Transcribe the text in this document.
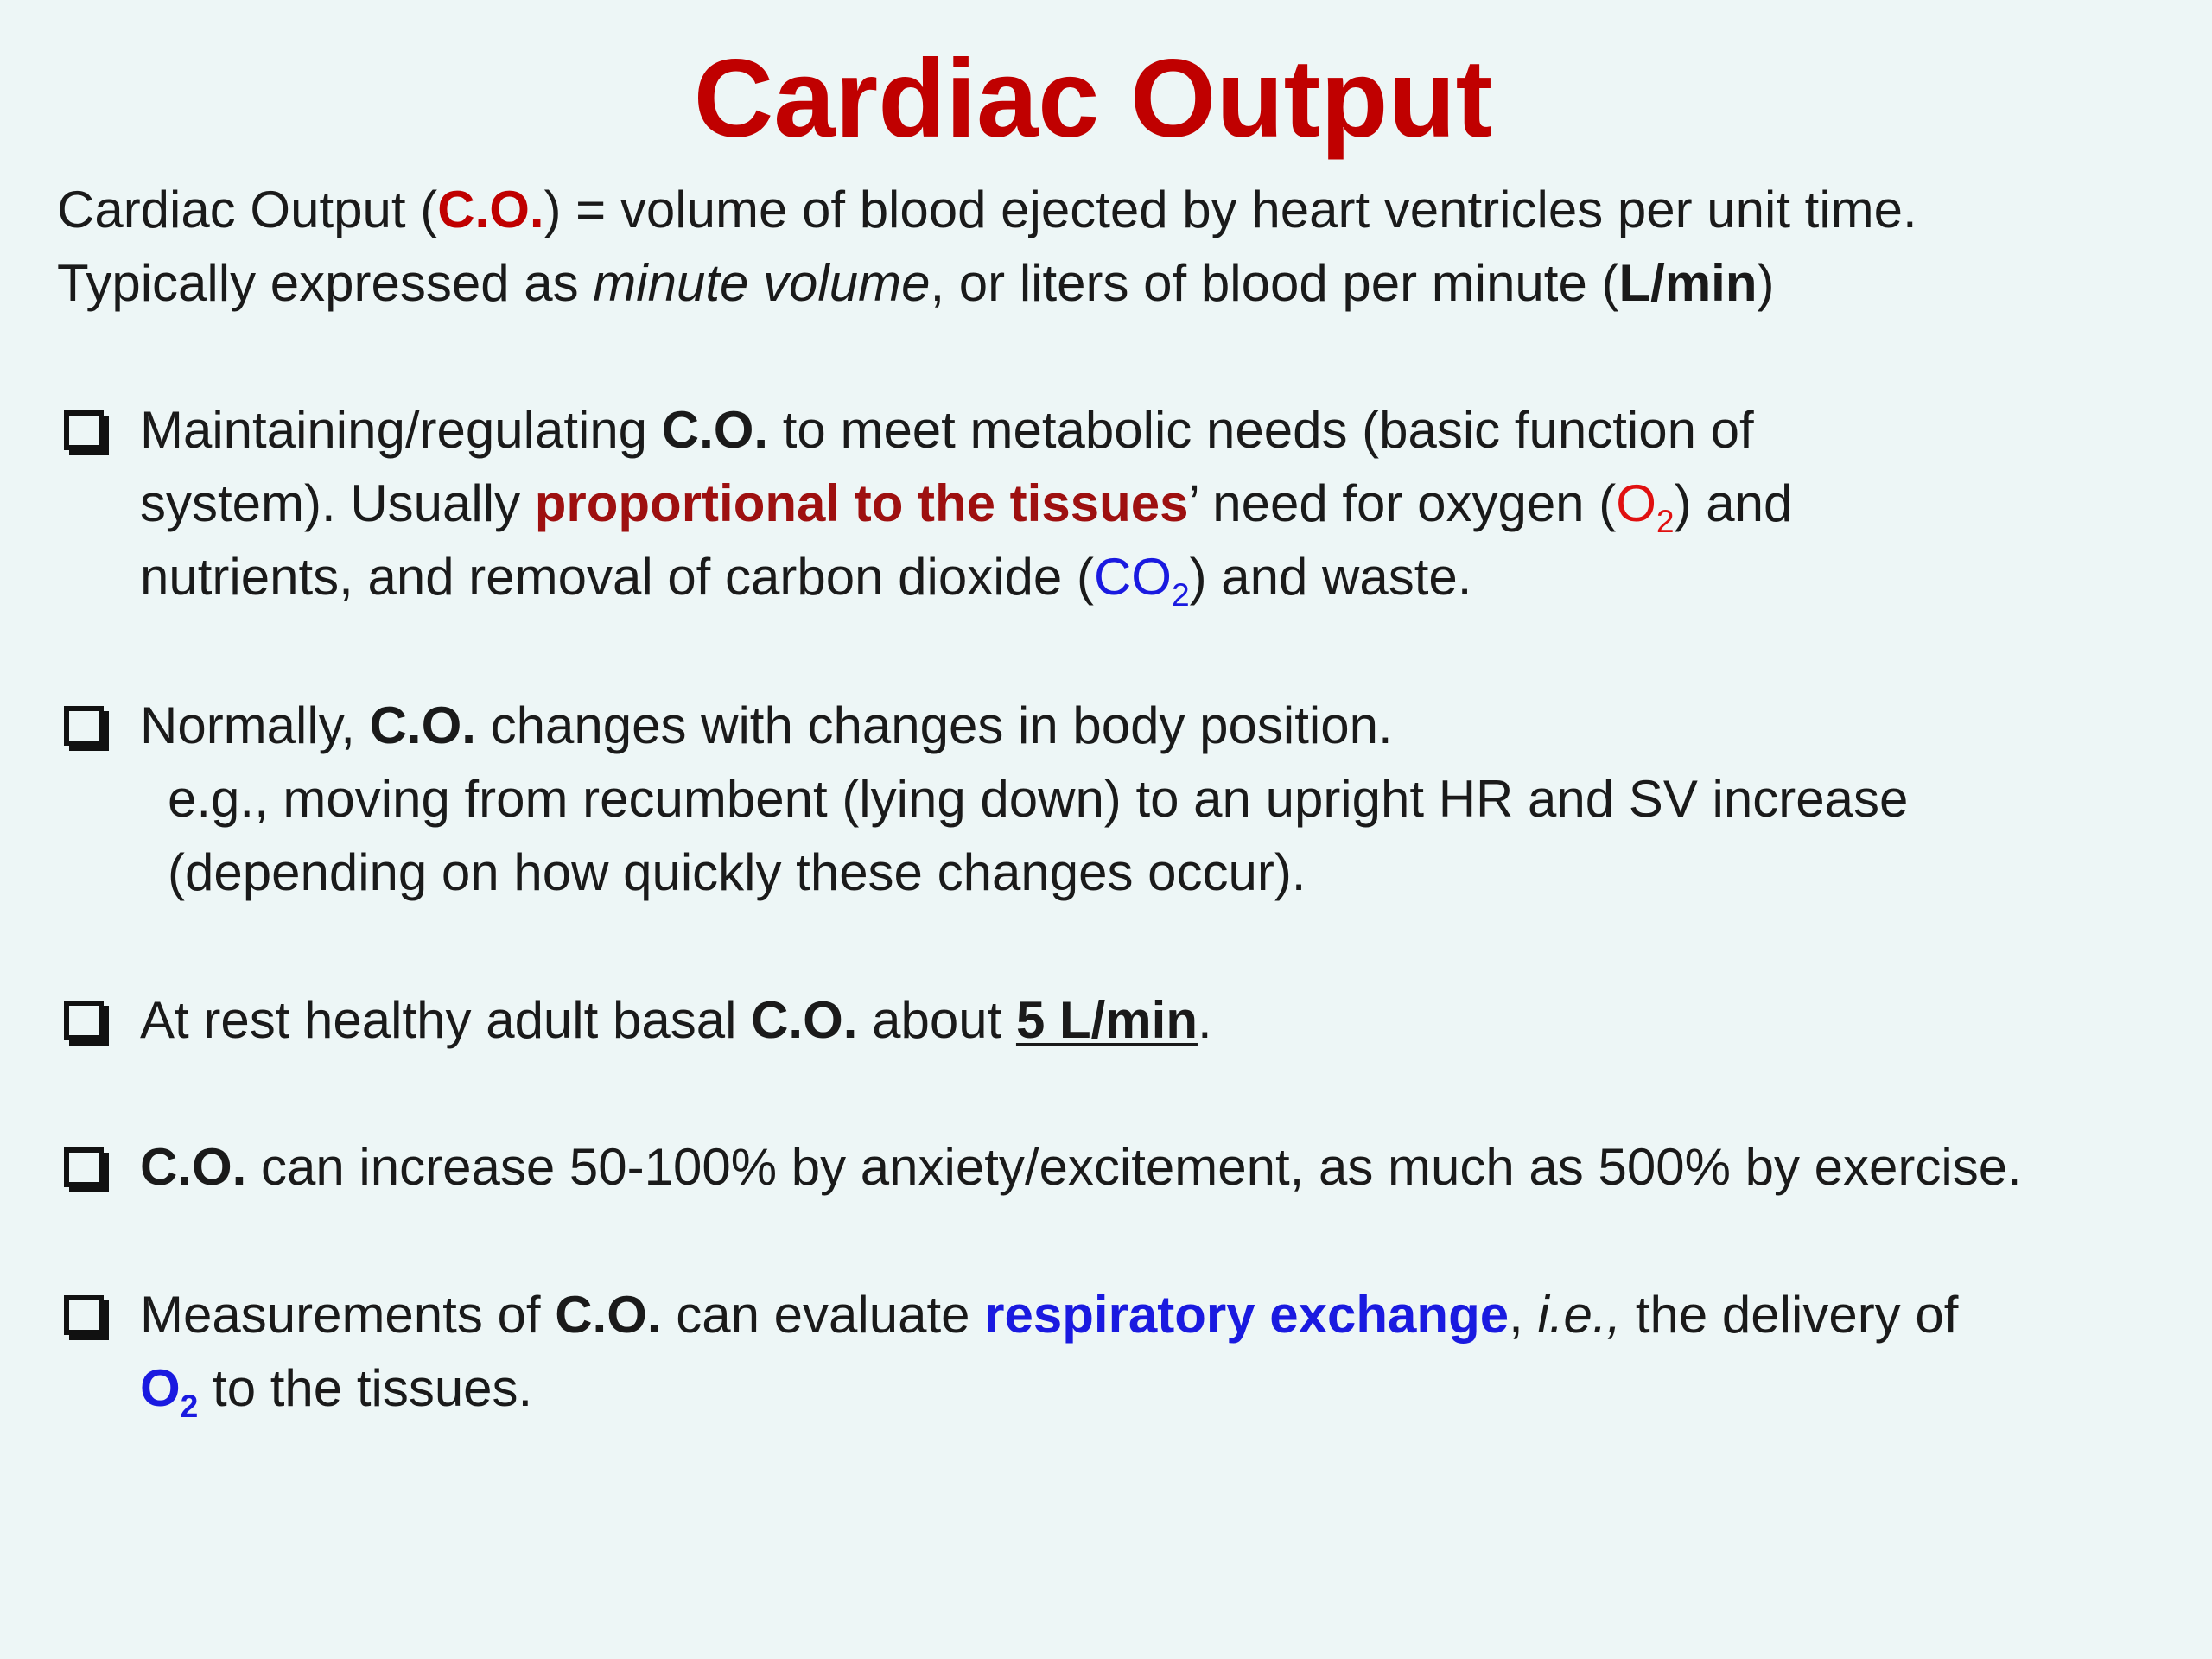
Cardiac Output

Cardiac Output (C.O.) = volume of blood ejected by heart ventricles per unit time.

Typically expressed as minute volume, or liters of blood per minute (L/min)

Maintaining/regulating C.O. to meet metabolic needs (basic function of
system). Usually proportional to the tissues’ need for oxygen $(O_2)$ and
nutrients, and removal of carbon dioxide $(CO_2)$ and waste.
Normally, C.O. changes with changes in body position.
e.g., moving from recumbent (lying down) to an upright HR and SV increase
(depending on how quickly these changes occur).
At rest healthy adult basal C.O. about 5 L/min.
C.O. can increase 50-100% by anxiety/excitement, as much as 500% by exercise.
Measurements of C.O. can evaluate respiratory exchange, i.e., the delivery of
$O_2$ to the tissues.
